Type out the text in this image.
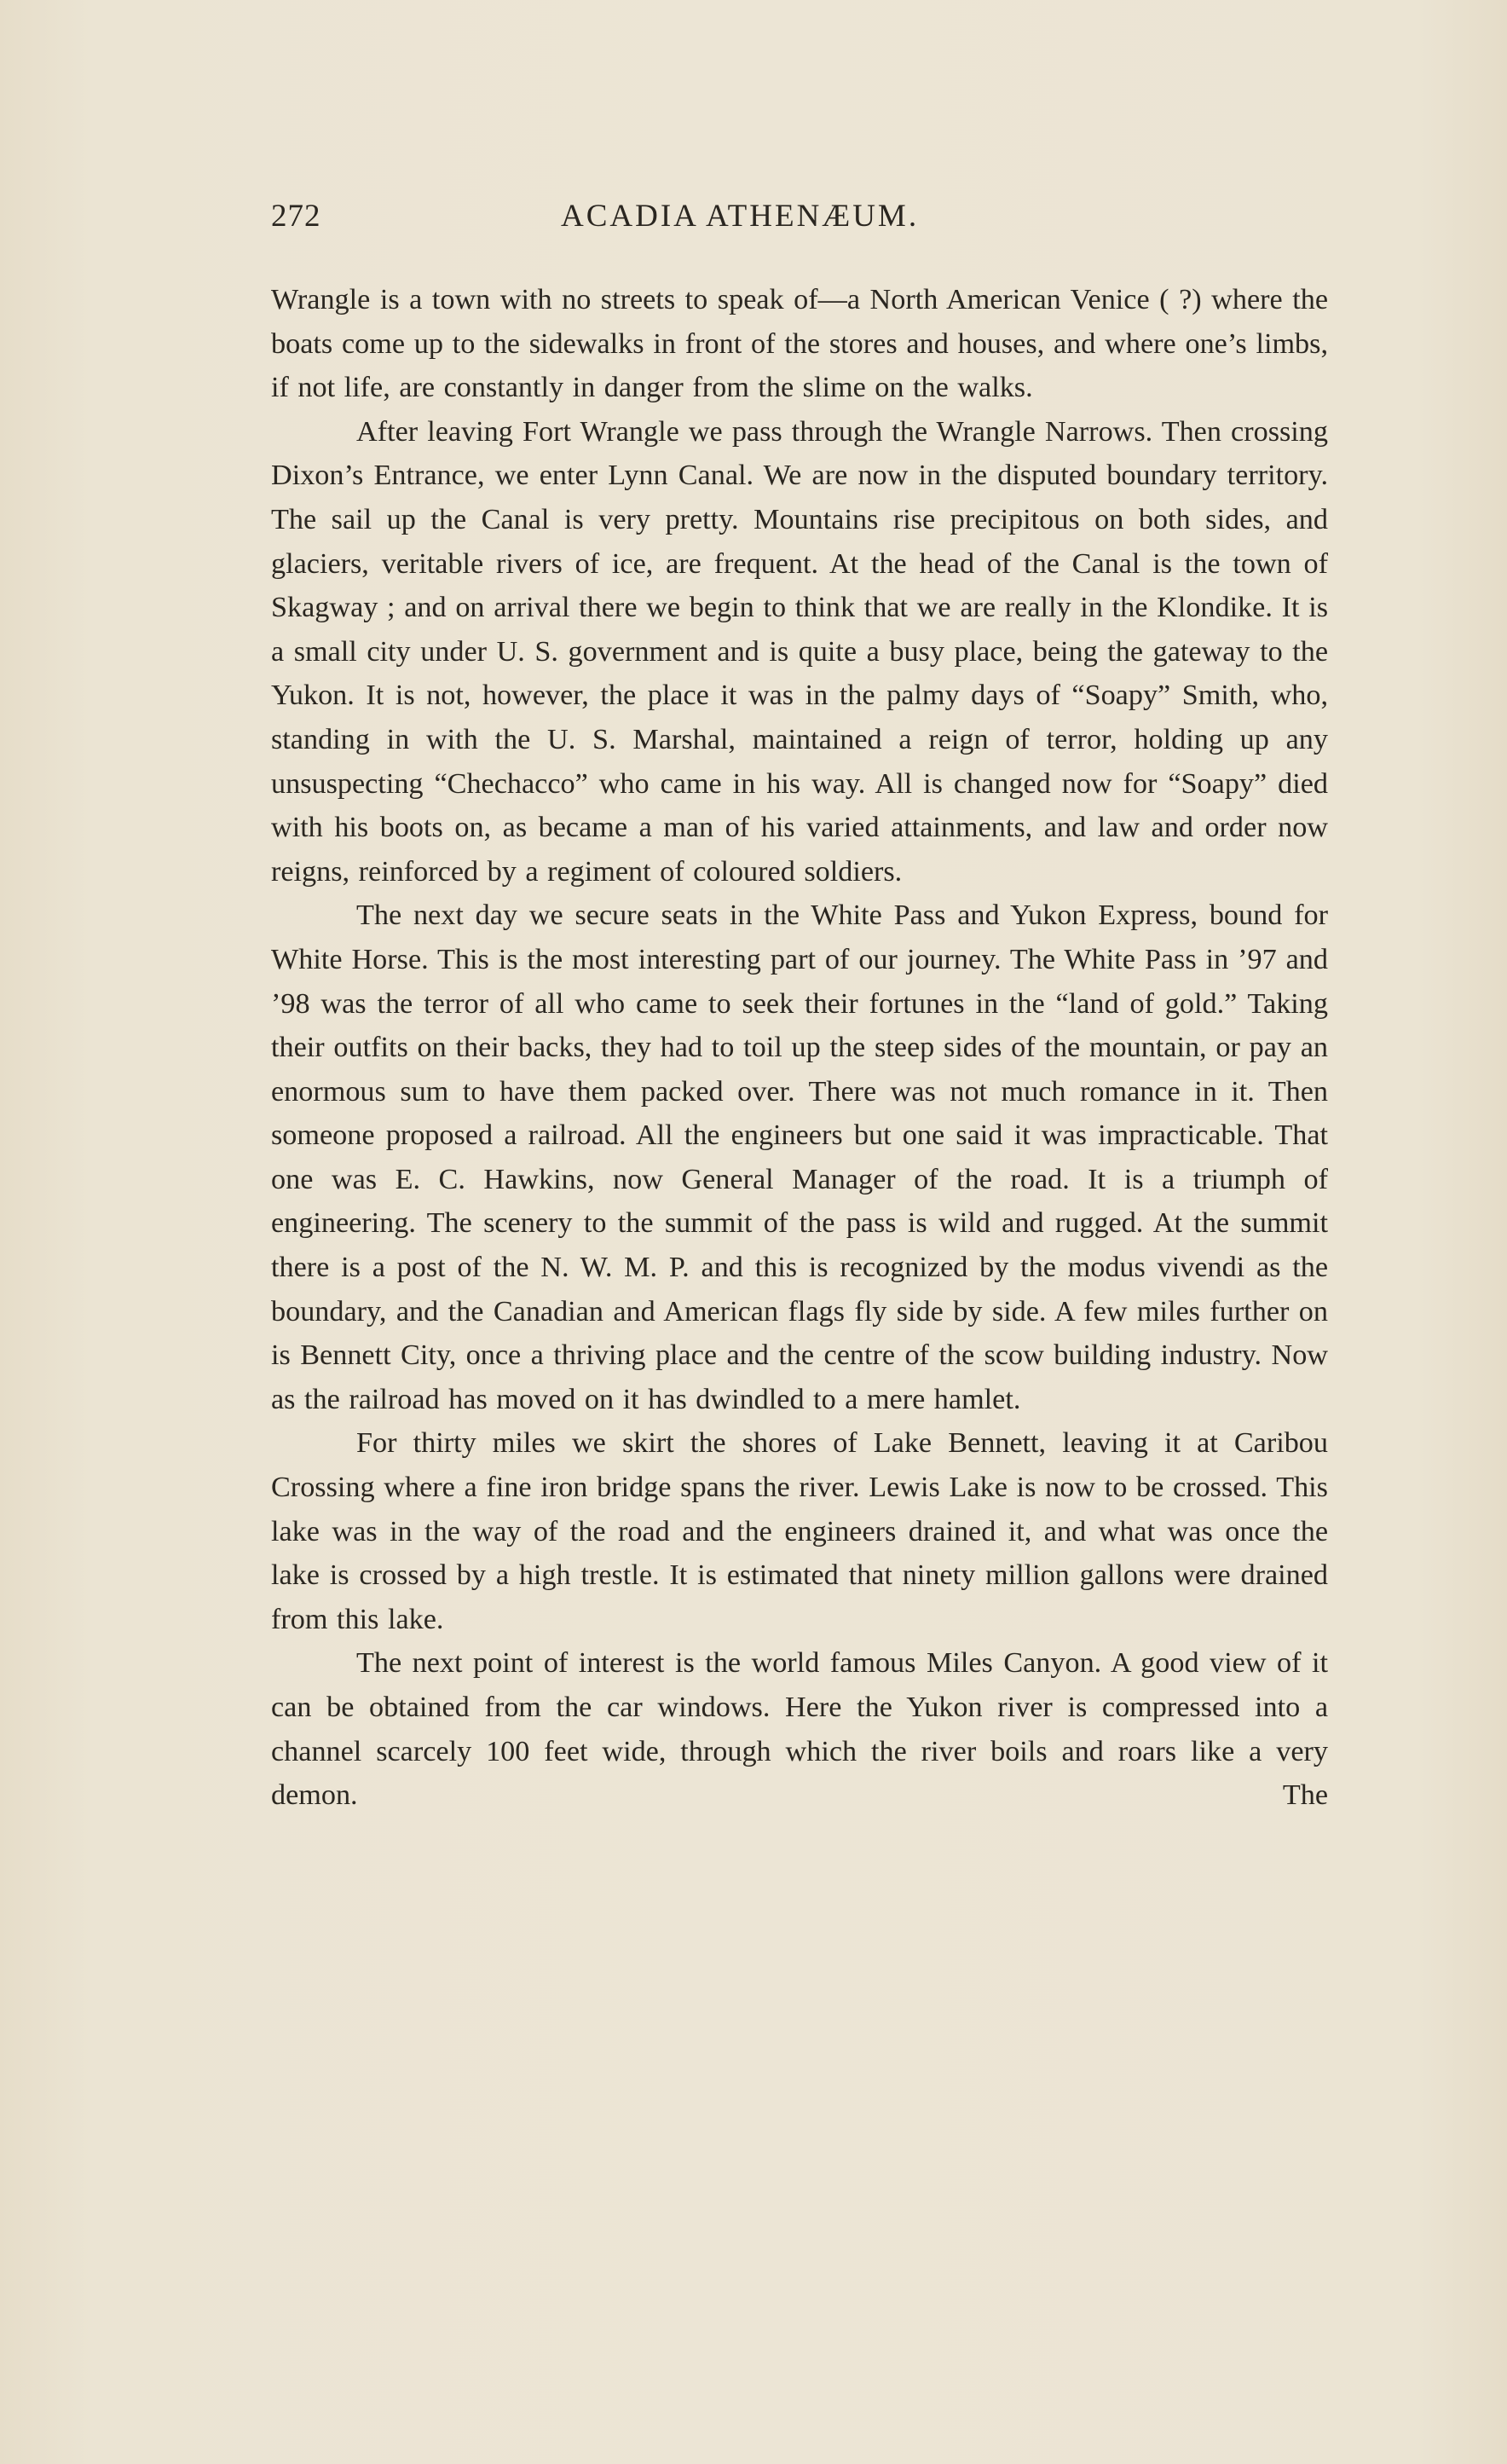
272	ACADIA ATHENÆUM.

Wrangle is a town with no streets to speak of—a North American Venice ( ?) where the boats come up to the sidewalks in front of the stores and houses, and where one’s limbs, if not life, are constantly in danger from the slime on the walks.

After leaving Fort Wrangle we pass through the Wrangle Narrows. Then crossing Dixon’s Entrance, we enter Lynn Canal. We are now in the disputed boundary territory. The sail up the Canal is very pretty. Mountains rise precipitous on both sides, and glaciers, veritable rivers of ice, are frequent. At the head of the Canal is the town of Skagway ; and on arrival there we begin to think that we are really in the Klondike. It is a small city under U. S. government and is quite a busy place, being the gateway to the Yukon. It is not, however, the place it was in the palmy days of “Soapy” Smith, who, standing in with the U. S. Marshal, maintained a reign of terror, holding up any unsuspecting “Chechacco” who came in his way. All is changed now for “Soapy” died with his boots on, as became a man of his varied attainments, and law and order now reigns, reinforced by a regiment of coloured soldiers.

The next day we secure seats in the White Pass and Yukon Express, bound for White Horse. This is the most interesting part of our journey. The White Pass in ’97 and ’98 was the terror of all who came to seek their fortunes in the “land of gold.” Taking their outfits on their backs, they had to toil up the steep sides of the mountain, or pay an enormous sum to have them packed over. There was not much romance in it. Then someone proposed a railroad. All the engineers but one said it was impracticable. That one was E. C. Hawkins, now General Manager of the road. It is a triumph of engineering. The scenery to the summit of the pass is wild and rugged. At the summit there is a post of the N. W. M. P. and this is recognized by the modus vivendi as the boundary, and the Canadian and American flags fly side by side. A few miles further on is Bennett City, once a thriving place and the centre of the scow building industry. Now as the railroad has moved on it has dwindled to a mere hamlet.

For thirty miles we skirt the shores of Lake Bennett, leaving it at Caribou Crossing where a fine iron bridge spans the river. Lewis Lake is now to be crossed. This lake was in the way of the road and the engineers drained it, and what was once the lake is crossed by a high trestle. It is estimated that ninety million gallons were drained from this lake.

The next point of interest is the world famous Miles Canyon. A good view of it can be obtained from the car windows. Here the Yukon river is compressed into a channel scarcely 100 feet wide, through which the river boils and roars like a very demon. The
